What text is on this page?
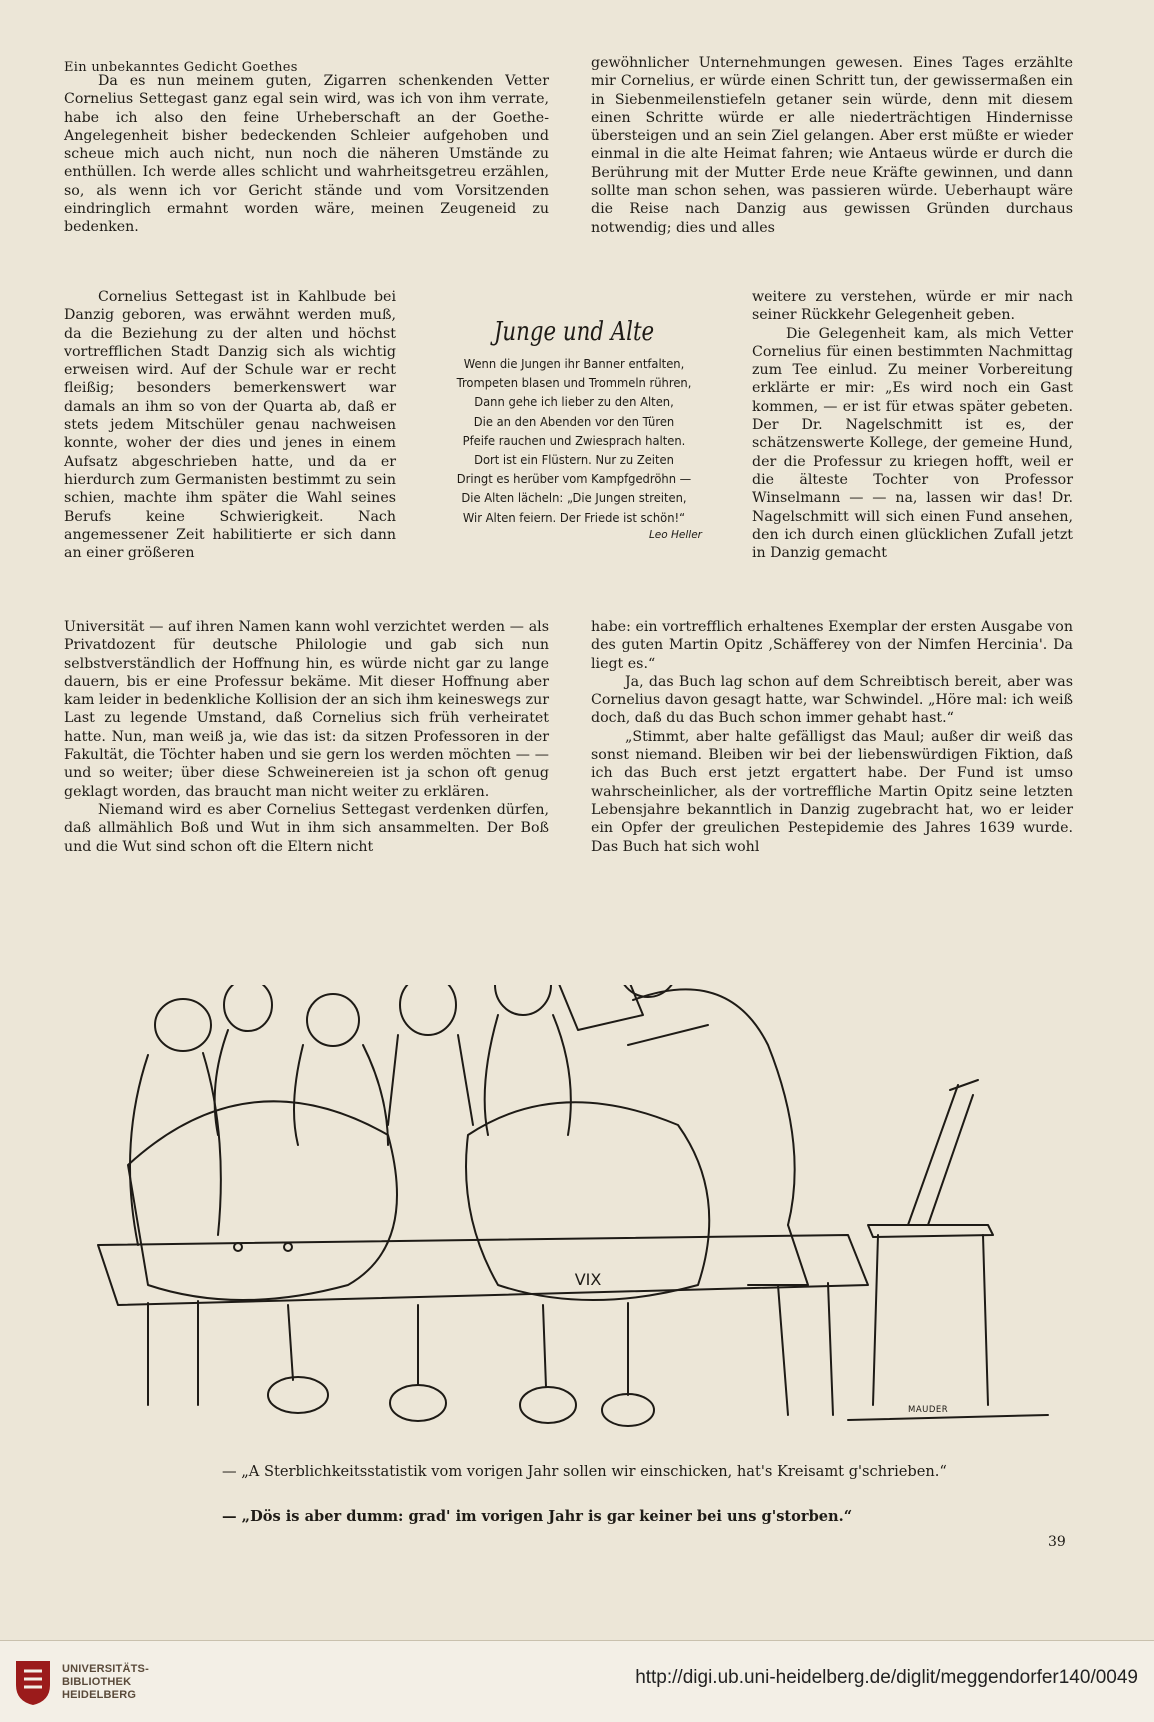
Ein unbekanntes Gedicht Goethes

Da es nun meinem guten, Zigarren schenkenden Vetter Cornelius Settegast ganz egal sein wird, was ich von ihm verrate, habe ich also den feine Urheberschaft an der Goethe-Angelegenheit bisher bedeckenden Schleier aufgehoben und scheue mich auch nicht, nun noch die näheren Umstände zu enthüllen. Ich werde alles schlicht und wahrheitsgetreu erzählen, so, als wenn ich vor Gericht stände und vom Vorsitzenden eindringlich ermahnt worden wäre, meinen Zeugeneid zu bedenken.

Cornelius Settegast ist in Kahlbude bei Danzig geboren, was erwähnt werden muß, da die Beziehung zu der alten und höchst vortrefflichen Stadt Danzig sich als wichtig erweisen wird. Auf der Schule war er recht fleißig; besonders bemerkenswert war damals an ihm so von der Quarta ab, daß er stets jedem Mitschüler genau nachweisen konnte, woher der dies und jenes in einem Aufsatz abgeschrieben hatte, und da er hierdurch zum Germanisten bestimmt zu sein schien, machte ihm später die Wahl seines Berufs keine Schwierigkeit. Nach angemessener Zeit habilitierte er sich dann an einer größeren

Universität — auf ihren Namen kann wohl verzichtet werden — als Privatdozent für deutsche Philologie und gab sich nun selbstverständlich der Hoffnung hin, es würde nicht gar zu lange dauern, bis er eine Professur bekäme. Mit dieser Hoffnung aber kam leider in bedenkliche Kollision der an sich ihm keineswegs zur Last zu legende Umstand, daß Cornelius sich früh verheiratet hatte. Nun, man weiß ja, wie das ist: da sitzen Professoren in der Fakultät, die Töchter haben und sie gern los werden möchten — — und so weiter; über diese Schweinereien ist ja schon oft genug geklagt worden, das braucht man nicht weiter zu erklären.

Niemand wird es aber Cornelius Settegast verdenken dürfen, daß allmählich Boß und Wut in ihm sich ansammelten. Der Boß und die Wut sind schon oft die Eltern nicht

gewöhnlicher Unternehmungen gewesen. Eines Tages erzählte mir Cornelius, er würde einen Schritt tun, der gewissermaßen ein in Siebenmeilenstiefeln getaner sein würde, denn mit diesem einen Schritte würde er alle niederträchtigen Hindernisse übersteigen und an sein Ziel gelangen. Aber erst müßte er wieder einmal in die alte Heimat fahren; wie Antaeus würde er durch die Berührung mit der Mutter Erde neue Kräfte gewinnen, und dann sollte man schon sehen, was passieren würde. Ueberhaupt wäre die Reise nach Danzig aus gewissen Gründen durchaus notwendig; dies und alles

weitere zu verstehen, würde er mir nach seiner Rückkehr Gelegenheit geben.

Die Gelegenheit kam, als mich Vetter Cornelius für einen bestimmten Nachmittag zum Tee einlud. Zu meiner Vorbereitung erklärte er mir: „Es wird noch ein Gast kommen, — er ist für etwas später gebeten. Der Dr. Nagelschmitt ist es, der schätzenswerte Kollege, der gemeine Hund, der die Professur zu kriegen hofft, weil er die älteste Tochter von Professor Winselmann — — na, lassen wir das! Dr. Nagelschmitt will sich einen Fund ansehen, den ich durch einen glücklichen Zufall jetzt in Danzig gemacht

habe: ein vortrefflich erhaltenes Exemplar der ersten Ausgabe von des guten Martin Opitz ‚Schäfferey von der Nimfen Hercinia'. Da liegt es.“

Ja, das Buch lag schon auf dem Schreibtisch bereit, aber was Cornelius davon gesagt hatte, war Schwindel. „Höre mal: ich weiß doch, daß du das Buch schon immer gehabt hast.“

„Stimmt, aber halte gefälligst das Maul; außer dir weiß das sonst niemand. Bleiben wir bei der liebenswürdigen Fiktion, daß ich das Buch erst jetzt ergattert habe. Der Fund ist umso wahrscheinlicher, als der vortreffliche Martin Opitz seine letzten Lebensjahre bekanntlich in Danzig zugebracht hat, wo er leider ein Opfer der greulichen Pestepidemie des Jahres 1639 wurde. Das Buch hat sich wohl

Junge und Alte
Wenn die Jungen ihr Banner entfalten,
Trompeten blasen und Trommeln rühren,
Dann gehe ich lieber zu den Alten,
Die an den Abenden vor den Türen
Pfeife rauchen und Zwiesprach halten.
Dort ist ein Flüstern. Nur zu Zeiten
Dringt es herüber vom Kampfgedröhn —
Die Alten lächeln: „Die Jungen streiten,
Wir Alten feiern. Der Friede ist schön!“
Leo Heller
VIX
MAUDER
— „A Sterblichkeitsstatistik vom vorigen Jahr sollen wir einschicken, hat's Kreisamt g'schrieben.“
— „Dös is aber dumm: grad' im vorigen Jahr is gar keiner bei uns g'storben.“
39
UNIVERSITÄTS-
BIBLIOTHEK
HEIDELBERG
http://digi.ub.uni-heidelberg.de/diglit/meggendorfer140/0049
